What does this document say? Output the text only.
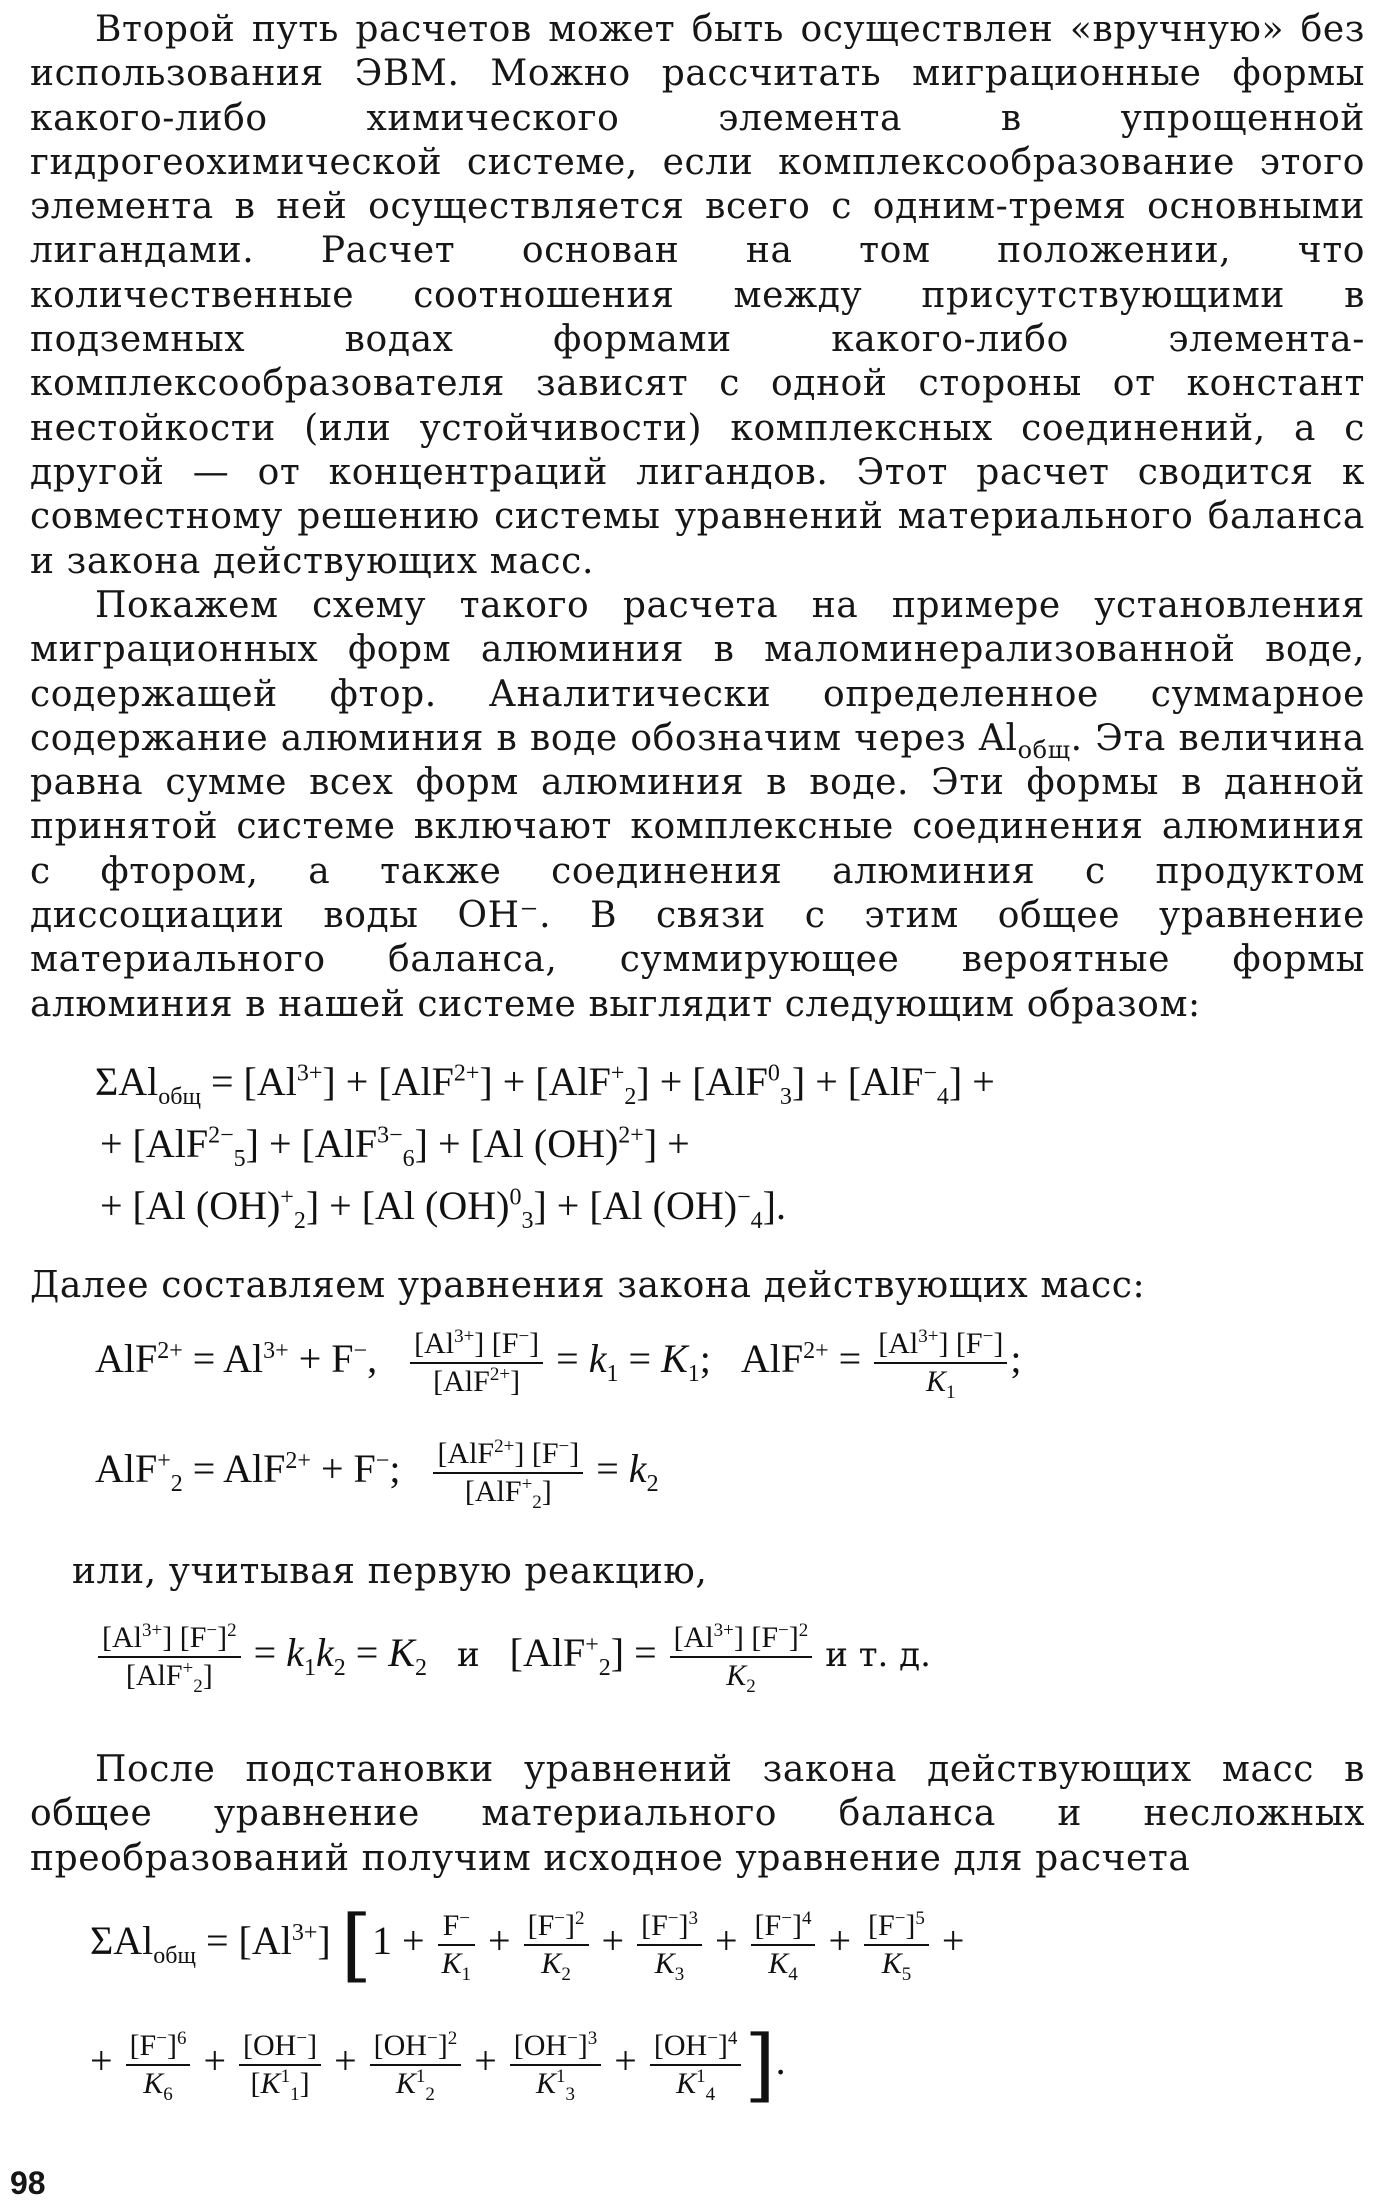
Второй путь расчетов может быть осуществлен «вручную» без использования ЭВМ. Можно рассчитать миграционные формы какого-либо химического элемента в упрощенной гидрогеохимической системе, если комплексообразование этого элемента в ней осуществляется всего с одним-тремя основными лигандами. Расчет основан на том положении, что количественные соотношения между присутствующими в подземных водах формами какого-либо элемента-комплексообразователя зависят с одной стороны от констант нестойкости (или устойчивости) комплексных соединений, а с другой — от концентраций лигандов. Этот расчет сводится к совместному решению системы уравнений материального баланса и закона действующих масс.

Покажем схему такого расчета на примере установления миграционных форм алюминия в маломинерализованной воде, содержащей фтор. Аналитически определенное суммарное содержание алюминия в воде обозначим через $Al_{общ}$. Эта величина равна сумме всех форм алюминия в воде. Эти формы в данной принятой системе включают комплексные соединения алюминия с фтором, а также соединения алюминия с продуктом диссоциации воды OH⁻. В связи с этим общее уравнение материального баланса, суммирующее вероятные формы алюминия в нашей системе выглядит следующим образом:

$\Sigma Al_{общ} = [Al^{3+}] + [AlF^{2+}] + [AlF^+_2] + [AlF^0_3] + [AlF^-_4]$ +
+ [AlF$^{2-}_5$] + [AlF$^{3-}_6$] + [Al (OH)$^{2+}$] +
+ [Al $(OH)^+_2] + [Al$ (OH)$^0_3$] + [Al $(OH)^-_4$].
Далее составляем уравнения закона действующих масс:
$AlF^{2+} = Al^{3+} + F^-$, $\frac{[Al^{3+}] [F^-]}{[AlF^{2+}]} = k_1 = K_1$;   $AlF^{2+} = \frac{[Al^{3+}] [F^-]}{K_1}$ ;
AlF+$_2$ = AlF$^{2+}$ + F−; $\frac{[AlF^{2+}] [F^-]}{[AlF^+_2]} = k_2$
или, учитывая первую реакцию,
$\frac{[Al^{3+}] [F^-]^2}{[AlF^+_2]} = k_1k_2 = K_2$ и   $[AlF^+_2] = \frac{[Al^{3+}] [F^-]^2}{K_2}$ и т. д.

После подстановки уравнений закона действующих масс в общее уравнение материального баланса и несложных преобразований получим исходное уравнение для расчета

$\Sigma Al_{общ} = [Al^{3+}] [1 + \frac{F^-}{K_1} + \frac{[F^-]^2}{K_2} + \frac{[F^-]^3}{K_3} + \frac{[F^-]^4}{K_4} + \frac{[F^-]^5}{K_5}$ +
+ $\frac{[F^-]^6}{K_6} + \frac{[OH^-]}{[K^1_1]} + \frac{[OH^-]^2}{K^1_2} + \frac{[OH^-]^3}{K^1_3} + \frac{[OH^-]^4}{K^1_4}$ ].
98
